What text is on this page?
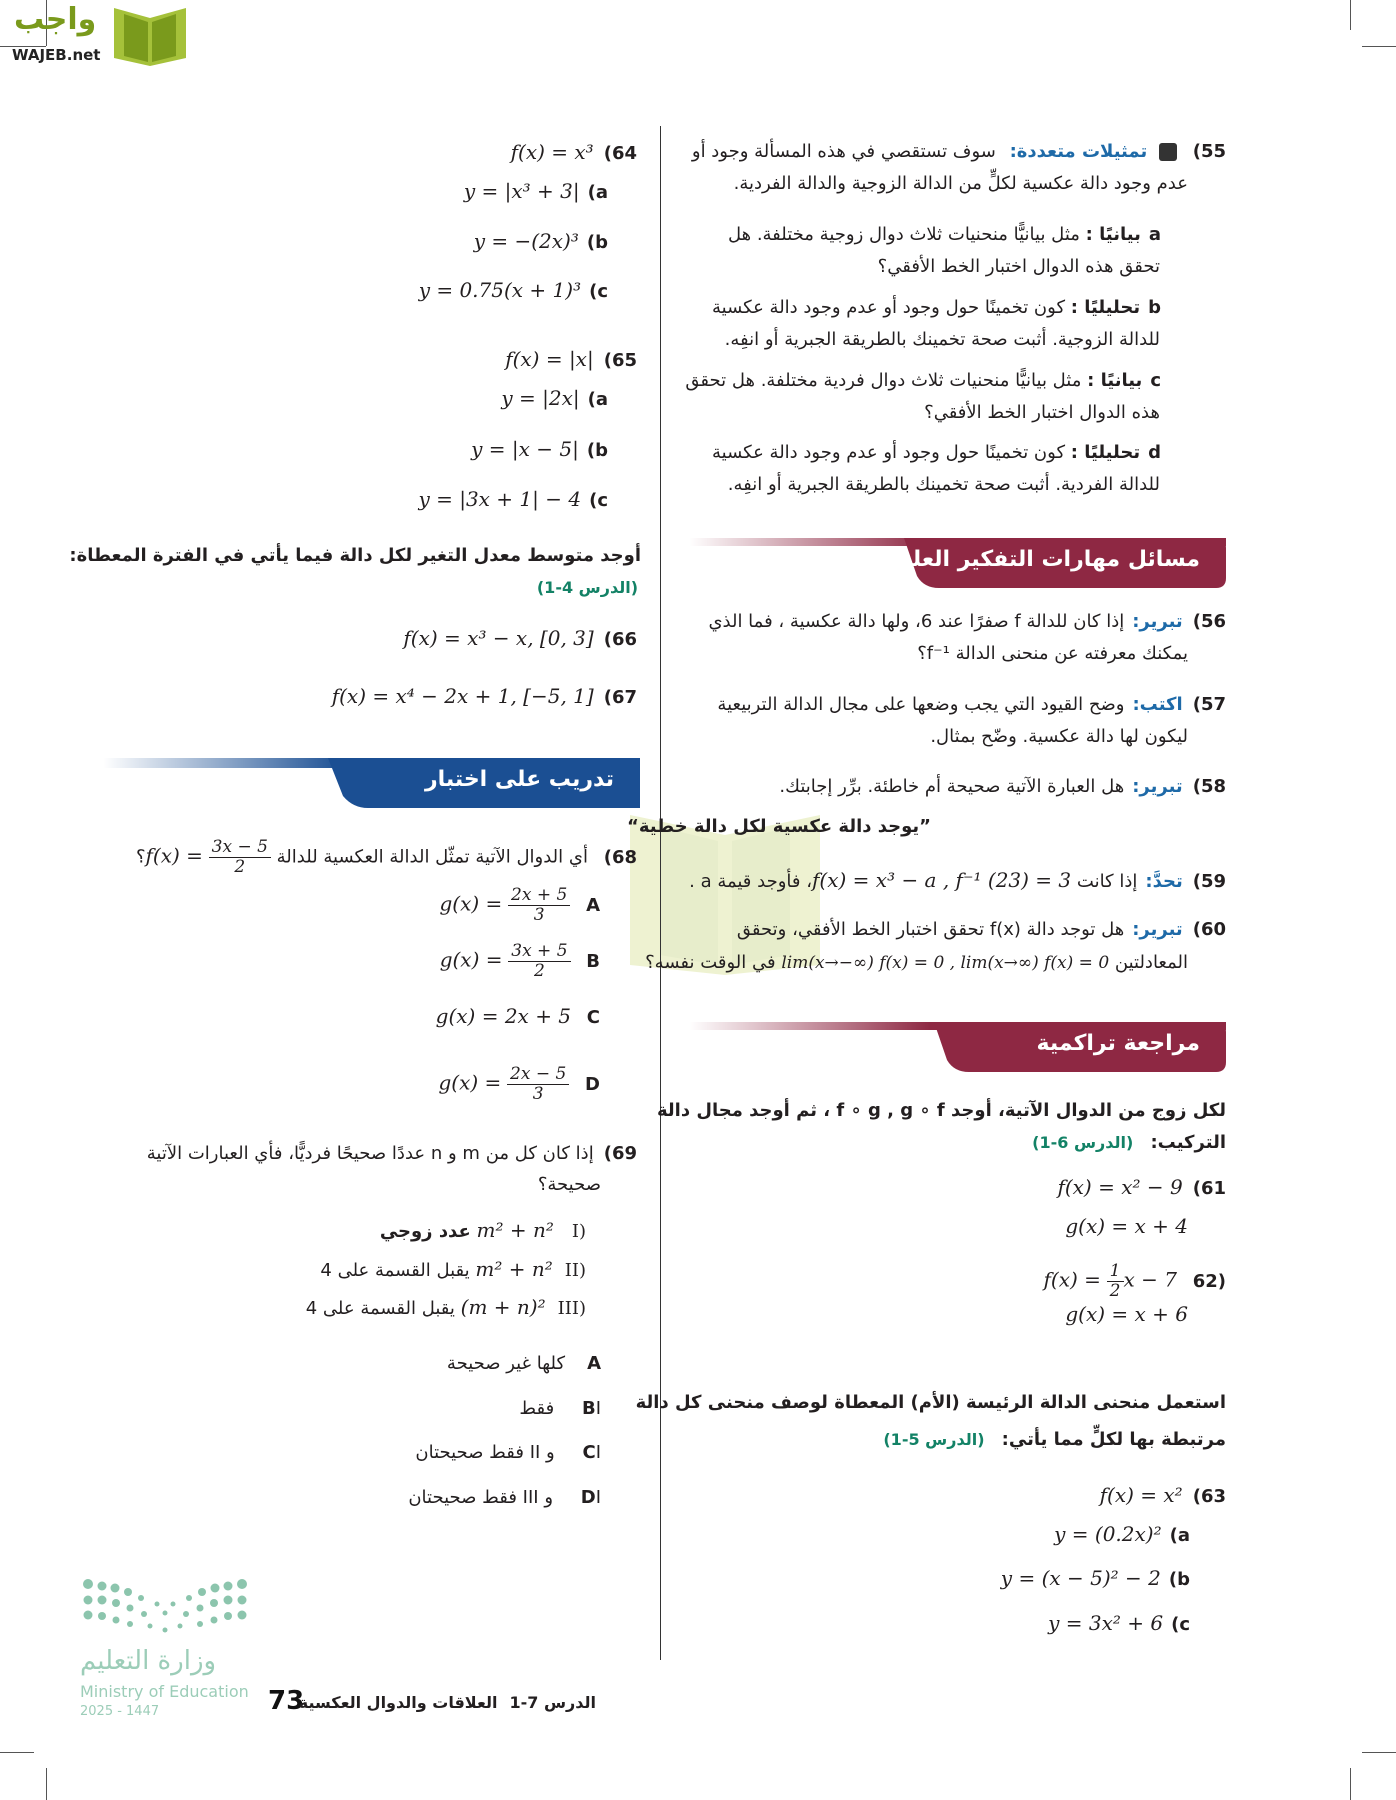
واجب
WAJEB.net
55)  تمثيلات متعددة: سوف تستقصي في هذه المسألة وجود أو
عدم وجود دالة عكسية لكلٍّ من الدالة الزوجية والدالة الفردية.
aبيانيًا : مثل بيانيًّا منحنيات ثلاث دوال زوجية مختلفة. هل
تحقق هذه الدوال اختبار الخط الأفقي؟
bتحليليًا : كون تخمينًا حول وجود أو عدم وجود دالة عكسية
للدالة الزوجية. أثبت صحة تخمينك بالطريقة الجبرية أو انفِه.
cبيانيًا : مثل بيانيًّا منحنيات ثلاث دوال فردية مختلفة. هل تحقق
هذه الدوال اختبار الخط الأفقي؟
dتحليليًا : كون تخمينًا حول وجود أو عدم وجود دالة عكسية
للدالة الفردية. أثبت صحة تخمينك بالطريقة الجبرية أو انفِه.
مسائل مهارات التفكير العليا
56)تبرير:إذا كان للدالة f صفرًا عند 6، ولها دالة عكسية ، فما الذي
يمكنك معرفته عن منحنى الدالة f⁻¹؟
57)اكتب:وضح القيود التي يجب وضعها على مجال الدالة التربيعية
ليكون لها دالة عكسية. وضّح بمثال.
58)تبرير:هل العبارة الآتية صحيحة أم خاطئة. برِّر إجابتك.
”يوجد دالة عكسية لكل دالة خطية“
59)تحدَّ:إذا كانت f(x) = x³ − a , f⁻¹ (23) = 3، فأوجد قيمة a .
60)تبرير:هل توجد دالة f(x) تحقق اختبار الخط الأفقي، وتحقق
المعادلتين lim(x→−∞) f(x) = 0 , lim(x→∞) f(x) = 0 في الوقت نفسه؟
مراجعة تراكمية
لكل زوج من الدوال الآتية، أوجد f ∘ g , g ∘ f ، ثم أوجد مجال دالة
التركيب:   (الدرس 6-1)
61)f(x) = x² − 9
g(x) = x + 4
$f(x) = \frac{1}{2}$ x − 7 62)
g(x) = x + 6
استعمل منحنى الدالة الرئيسة (الأم) المعطاة لوصف منحنى كل دالة
مرتبطة بها لكلٍّ مما يأتي:   (الدرس 5-1)
63)f(x) = x²
a)y = (0.2x)²
b)y = (x − 5)² − 2
c)y = 3x² + 6
64)f(x) = x³
a)y = |x³ + 3|
b)y = −(2x)³
c)y = 0.75(x + 1)³
65)f(x) = |x|
a)y = |2x|
b)y = |x − 5|
c)y = |3x + 1| − 4
أوجد متوسط معدل التغير لكل دالة فيما يأتي في الفترة المعطاة:
(الدرس 4-1)
66)f(x) = x³ − x, [0, 3]
67)f(x) = x⁴ − 2x + 1, [−5, 1]
تدريب على اختبار
68) أي الدوال الآتية تمثّل الدالة العكسية للدالة $f(x) = \frac{3x - 5}{2}$
؟
$g(x) = \frac{2x + 5}{3}$ A
$g(x) = \frac{3x + 5}{2}$ B
g(x) = 2x + 5 C
$g(x) = \frac{2x - 5}{3}$ D
69)إذا كان كل من m و n عددًا صحيحًا فرديًّا، فأي العبارات الآتية
صحيحة؟
(Im² + n² عدد زوجي
(IIm² + n² يقبل القسمة على 4
(III(m + n)² يقبل القسمة على 4
Aكلها غير صحيحة
BI فقط
CI و II فقط صحيحتان
DI و III فقط صحيحتان
وزارة التعليم
Ministry of Education
2025 - 1447	73	الدرس 7-1العلاقات والدوال العكسية
